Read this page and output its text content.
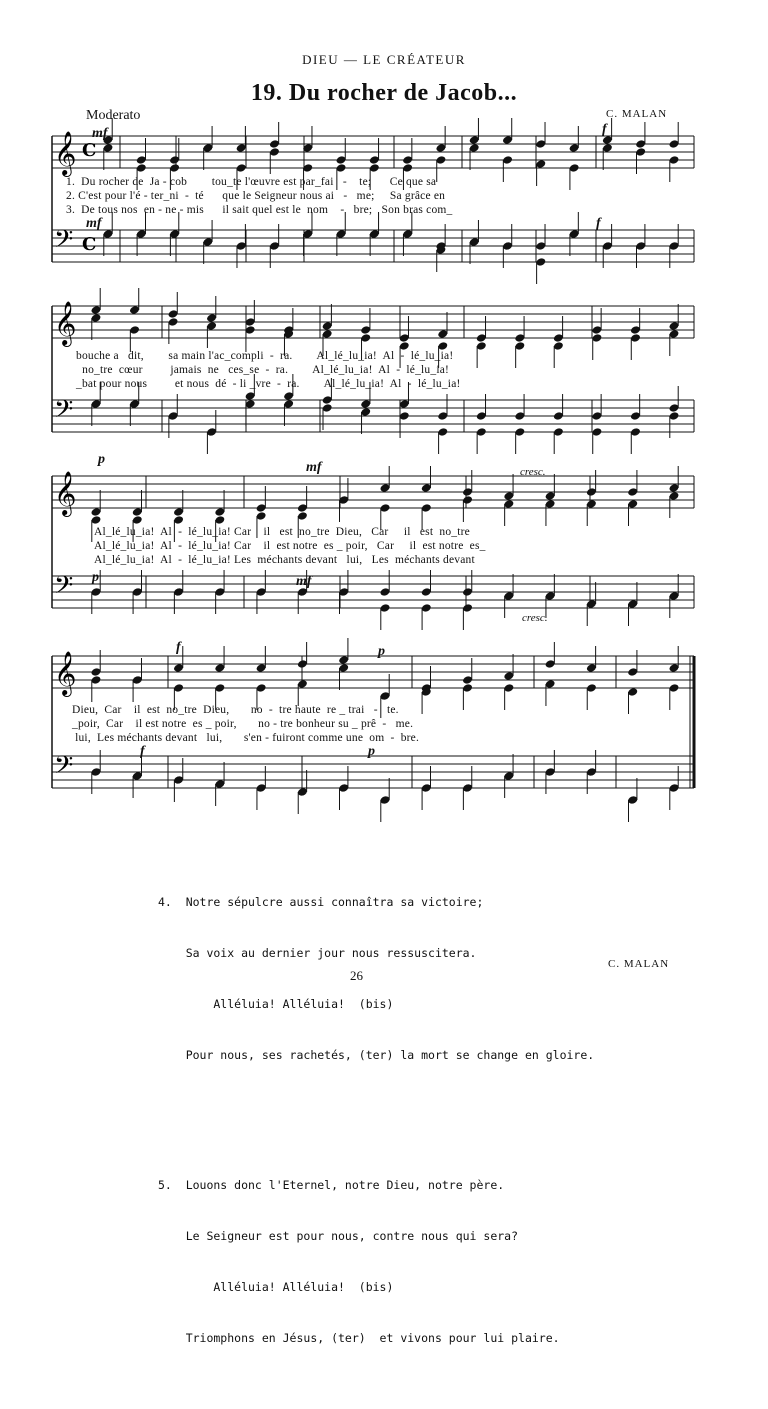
DIEU — LE CRÉATEUR
19. Du rocher de Jacob...
Moderato	C. MALAN
𝄞
𝄢
C
C
𝄞
𝄢
𝄞
𝄢
𝄞
𝄢
mf	f
mf	f
p
mf	cresc.
p	mf
cresc.
f	p
f	p
1.  Du rocher de  Ja - cob        tou_te l'œuvre est par_fai   -    te;      Ce que sa
2. C'est pour l'é - ter_ni  -  té      que le Seigneur nous ai   -   me;     Sa grâce en
3.  De tous nos  en - ne - mis      il sait quel est le  nom    -   bre;   Son bras com_
bouche a   dit,        sa main l'ac_compli  -  ra.        Al_lé_lu_ia!  Al  -  lé_lu_ia!
no_tre  cœur         jamais  ne   ces_se  -  ra.        Al_lé_lu_ia!  Al  -  lé_lu_ia!
_bat pour nous         et nous  dé  - li _vre  -  ra.        Al_lé_lu_ia!  Al  -  lé_lu_ia!
Al_lé_lu_ia!  Al  -  lé_lu_ia! Car    il   est  no_tre  Dieu,   Car     il   est  no_tre
Al_lé_lu_ia!  Al  -  lé_lu_ia! Car    il  est notre  es _ poir,   Car     il  est notre  es_
Al_lé_lu_ia!  Al  -  lé_lu_ia! Les  méchants devant   lui,   Les  méchants devant
Dieu,  Car    il  est  no_tre  Dieu,       no  -  tre haute  re _ trai   -   te.
_poir,  Car    il est notre  es _ poir,       no - tre bonheur su _ prê  -   me.
lui,  Les méchants devant   lui,       s'en - fuiront comme une  om  -  bre.

4.  Notre sépulcre aussi connaîtra sa victoire;

Sa voix au dernier jour nous ressuscitera.

Alléluia! Alléluia!  (bis)

Pour nous, ses rachetés, (ter) la mort se change en gloire.

5.  Louons donc l'Eternel, notre Dieu, notre père.

Le Seigneur est pour nous, contre nous qui sera?

Alléluia! Alléluia!  (bis)

Triomphons en Jésus, (ter)  et vivons pour lui plaire.

C. MALAN
26
